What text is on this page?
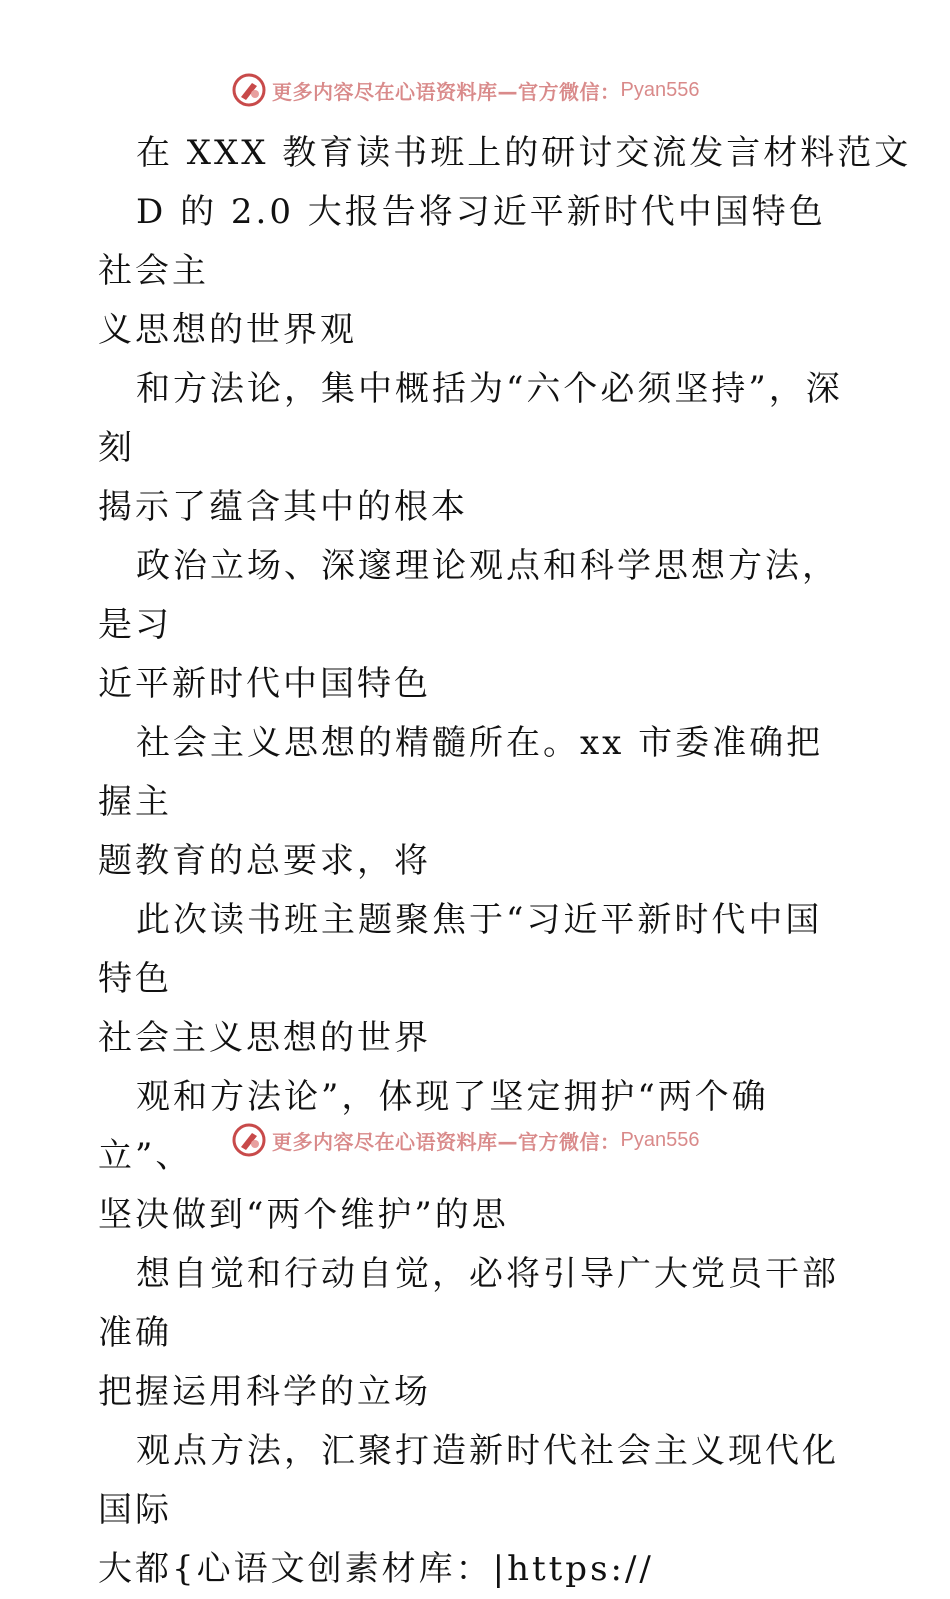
更多内容尽在心语资料库—官方微信： Pyan556

在 XXX 教育读书班上的研讨交流发言材料范文

D 的 2.0 大报告将习近平新时代中国特色社会主
义思想的世界观

和方法论，集中概括为“六个必须坚持”，深刻
揭示了蕴含其中的根本

政治立场、深邃理论观点和科学思想方法，是习
近平新时代中国特色

社会主义思想的精髓所在。xx 市委准确把握主
题教育的总要求，将

此次读书班主题聚焦于“习近平新时代中国特色
社会主义思想的世界

观和方法论”，体现了坚定拥护“两个确立”、
坚决做到“两个维护”的思

想自觉和行动自觉，必将引导广大党员干部准确
把握运用科学的立场

观点方法，汇聚打造新时代社会主义现代化国际
大都{心语文创素材库：|https://

更多内容尽在心语资料库—官方微信： Pyan556
